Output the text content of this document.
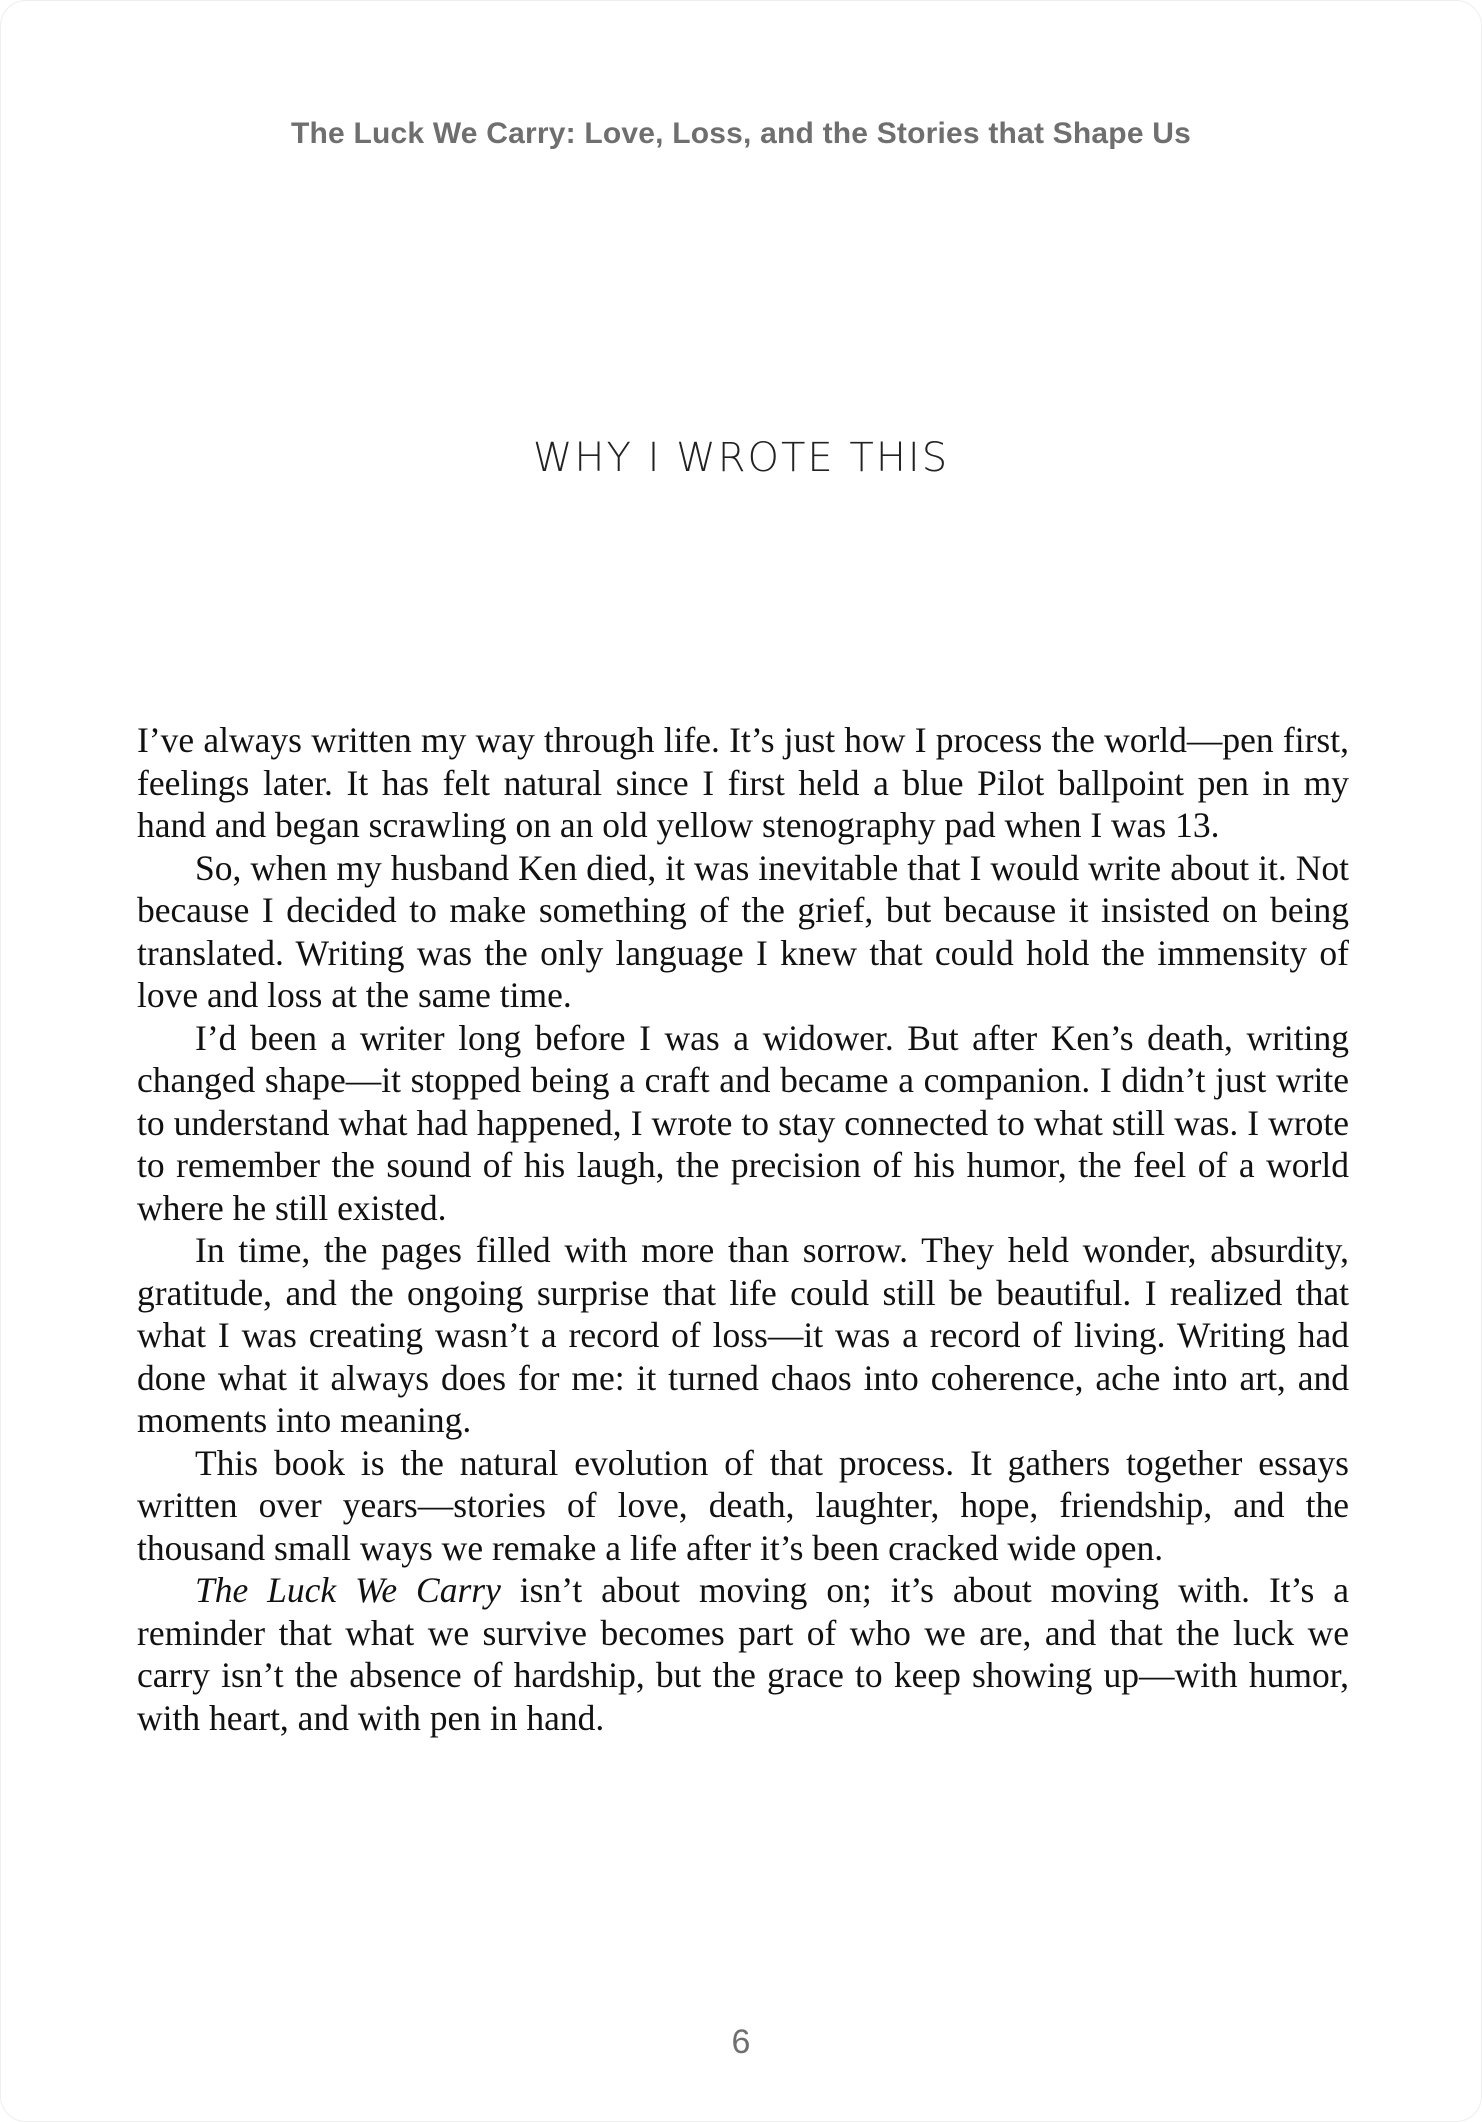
The Luck We Carry: Love, Loss, and the Stories that Shape Us
WHY I WROTE THIS

I’ve always written my way through life. It’s just how I process the world—pen first, feelings later. It has felt natural since I first held a blue Pilot ballpoint pen in my hand and began scrawling on an old yellow stenography pad when I was 13.

So, when my husband Ken died, it was inevitable that I would write about it. Not because I decided to make something of the grief, but because it insisted on being translated. Writing was the only language I knew that could hold the immensity of love and loss at the same time.

I’d been a writer long before I was a widower. But after Ken’s death, writing changed shape—it stopped being a craft and became a companion. I didn’t just write to understand what had happened, I wrote to stay connected to what still was. I wrote to remember the sound of his laugh, the precision of his humor, the feel of a world where he still existed.

In time, the pages filled with more than sorrow. They held wonder, absurdity, gratitude, and the ongoing surprise that life could still be beautiful. I realized that what I was creating wasn’t a record of loss—it was a record of living. Writing had done what it always does for me: it turned chaos into coherence, ache into art, and moments into meaning.

This book is the natural evolution of that process. It gathers together essays written over years—stories of love, death, laughter, hope, friendship, and the thousand small ways we remake a life after it’s been cracked wide open.

The Luck We Carry isn’t about moving on; it’s about moving with. It’s a reminder that what we survive becomes part of who we are, and that the luck we carry isn’t the absence of hardship, but the grace to keep showing up—with humor, with heart, and with pen in hand.

6
